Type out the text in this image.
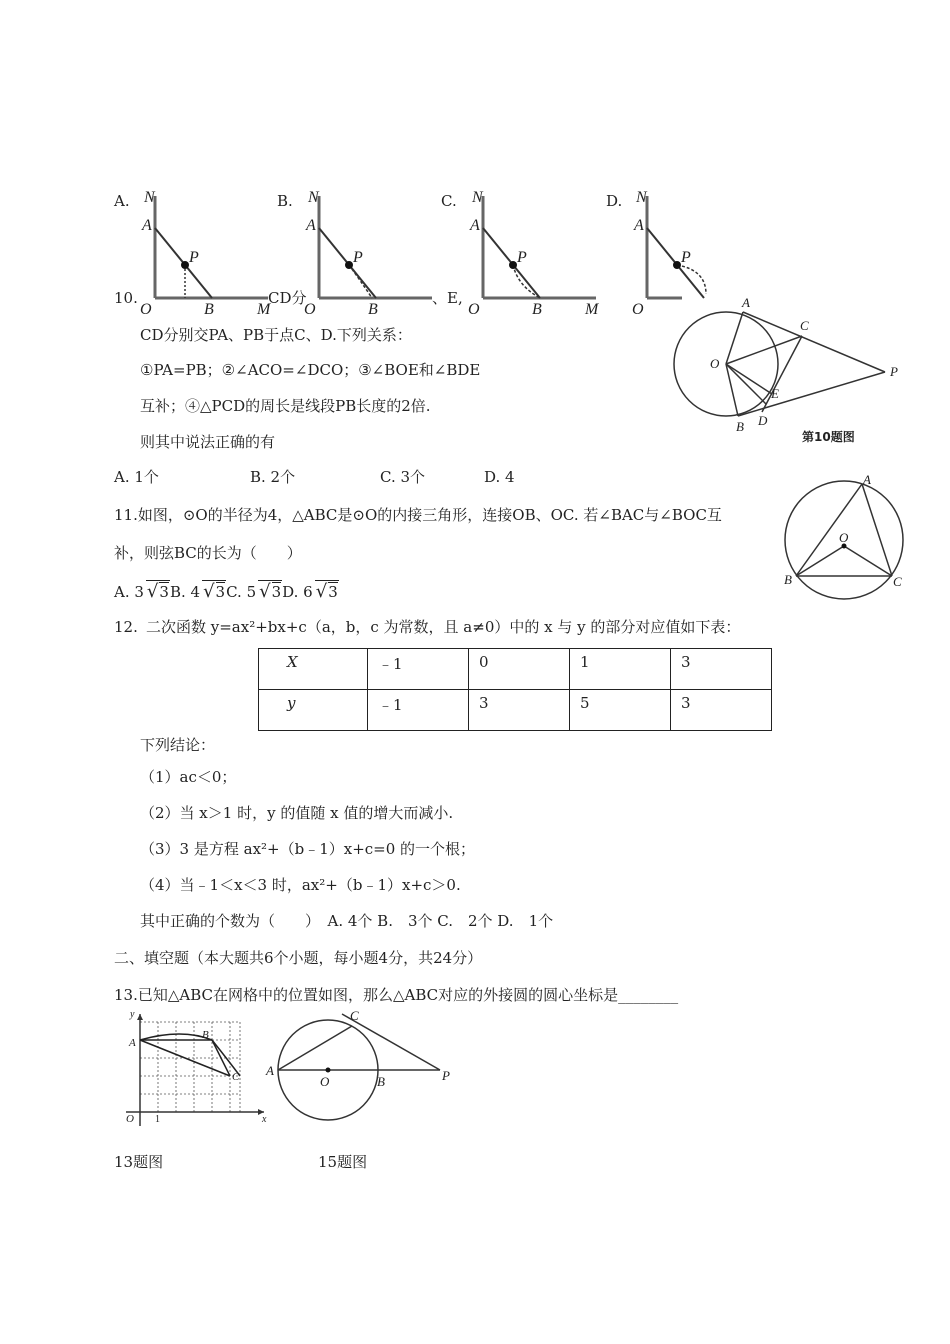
A.	B.	C.	D.
N
A
P
O	B	M
N
A
P
O	B
N
A
P
O	B	M
N
A
P
O
10.	CD分	、E,
CD分别交PA、PB于点C、D.下列关系：
①PA=PB；②∠ACO=∠DCO；③∠BOE和∠BDE
互补；④△PCD的周长是线段PB长度的2倍.
则其中说法正确的有
A. 1个	B. 2个	C. 3个	D. 4
A
C
O
E
P
B D
第10题图
11.如图，⊙O的半径为4，△ABC是⊙O的内接三角形，连接OB、OC. 若∠BAC与∠BOC互
补，则弦BC的长为（　　）
A. 3 √3B. 4 √3C. 5 √3D. 6 √3
A
O
B	C
12. 二次函数 y=ax²+bx+c（a，b，c 为常数，且 a≠0）中的 x 与 y 的部分对应值如下表：
X	﹣1	0	1	3
y	﹣1	3	5	3
下列结论：
（1）ac＜0；
（2）当 x＞1 时，y 的值随 x 值的增大而减小.
（3）3 是方程 ax²+（b﹣1）x+c=0 的一个根；
（4）当﹣1＜x＜3 时，ax²+（b﹣1）x+c＞0.
其中正确的个数为（　　）　A. 4个 B.　3个 C.　2个 D.　1个
二、填空题（本大题共6个小题，每小题4分，共24分）
13.已知△ABC在网格中的位置如图，那么△ABC对应的外接圆的圆心坐标是________
y
A
B
C
O 1	x
C
A
O	B	P
13题图	15题图
